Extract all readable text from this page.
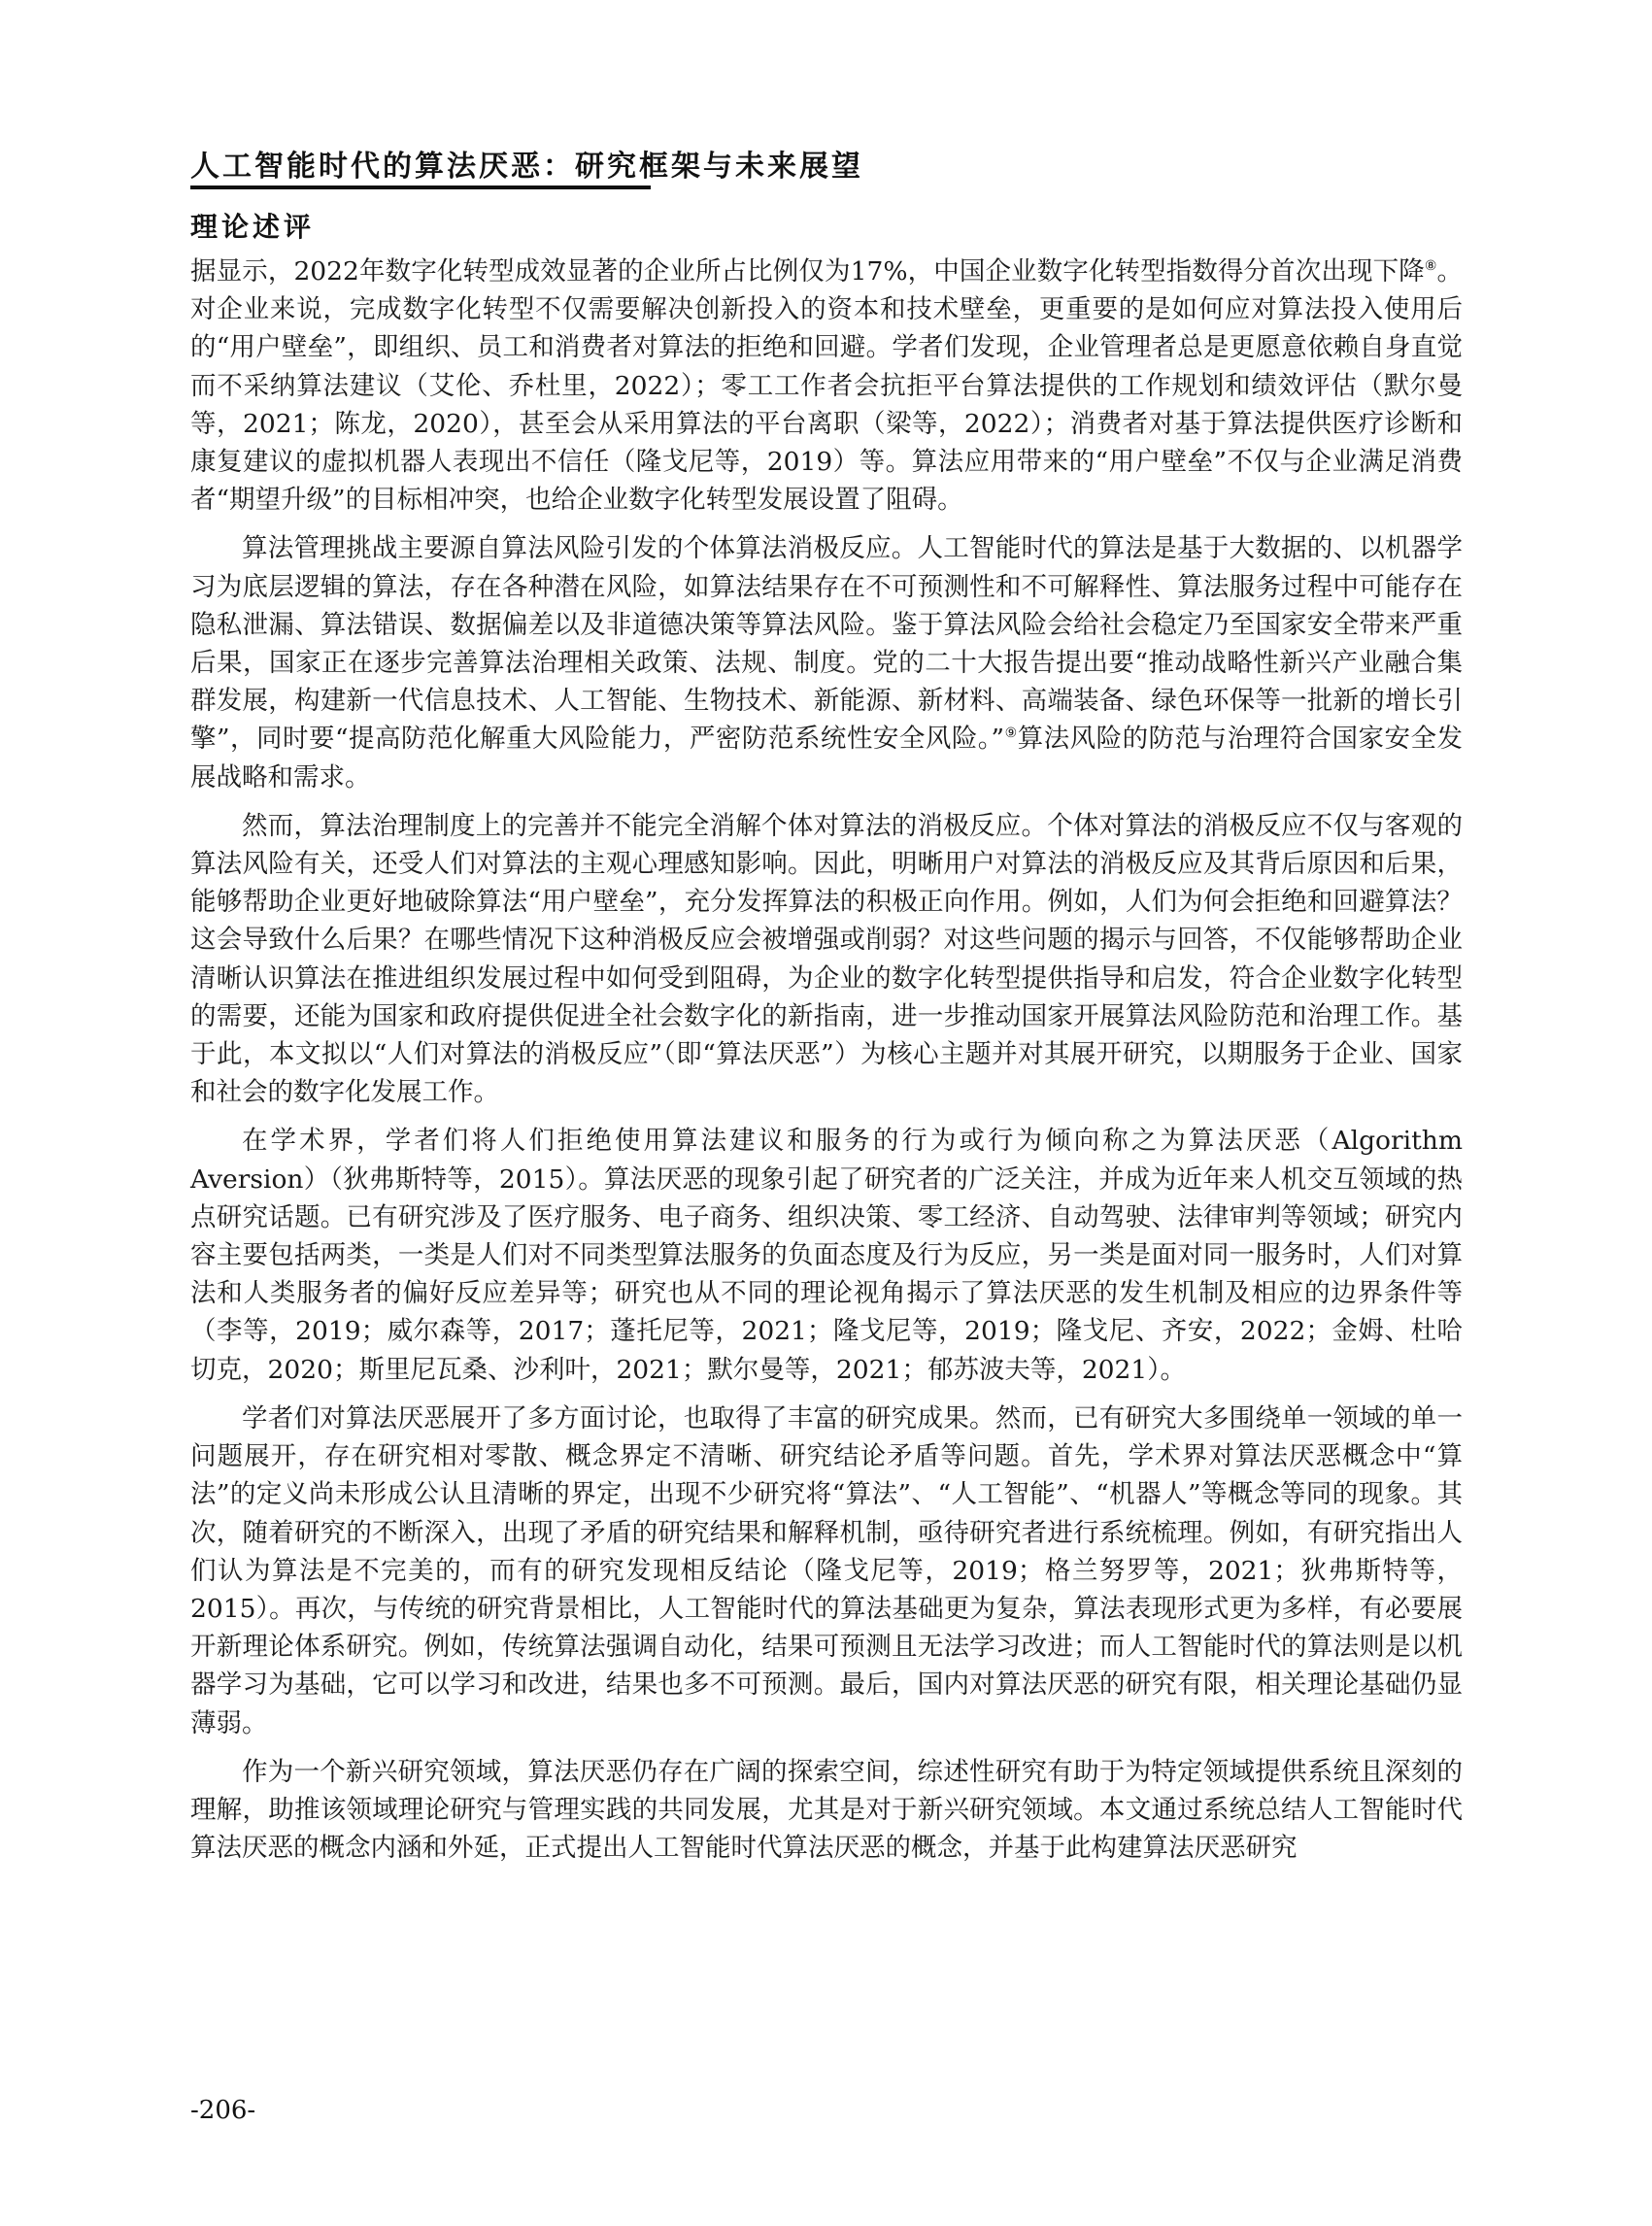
人工智能时代的算法厌恶：研究框架与未来展望
理论述评

据显示，2022年数字化转型成效显著的企业所占比例仅为17%，中国企业数字化转型指数得分首次出现下降⑧。对企业来说，完成数字化转型不仅需要解决创新投入的资本和技术壁垒，更重要的是如何应对算法投入使用后的“用户壁垒”，即组织、员工和消费者对算法的拒绝和回避。学者们发现，企业管理者总是更愿意依赖自身直觉而不采纳算法建议（艾伦、乔杜里，2022）；零工工作者会抗拒平台算法提供的工作规划和绩效评估（默尔曼等，2021；陈龙，2020），甚至会从采用算法的平台离职（梁等，2022）；消费者对基于算法提供医疗诊断和康复建议的虚拟机器人表现出不信任（隆戈尼等，2019）等。算法应用带来的“用户壁垒”不仅与企业满足消费者“期望升级”的目标相冲突，也给企业数字化转型发展设置了阻碍。

算法管理挑战主要源自算法风险引发的个体算法消极反应。人工智能时代的算法是基于大数据的、以机器学习为底层逻辑的算法，存在各种潜在风险，如算法结果存在不可预测性和不可解释性、算法服务过程中可能存在隐私泄漏、算法错误、数据偏差以及非道德决策等算法风险。鉴于算法风险会给社会稳定乃至国家安全带来严重后果，国家正在逐步完善算法治理相关政策、法规、制度。党的二十大报告提出要“推动战略性新兴产业融合集群发展，构建新一代信息技术、人工智能、生物技术、新能源、新材料、高端装备、绿色环保等一批新的增长引擎”，同时要“提高防范化解重大风险能力，严密防范系统性安全风险。”⑨算法风险的防范与治理符合国家安全发展战略和需求。

然而，算法治理制度上的完善并不能完全消解个体对算法的消极反应。个体对算法的消极反应不仅与客观的算法风险有关，还受人们对算法的主观心理感知影响。因此，明晰用户对算法的消极反应及其背后原因和后果，能够帮助企业更好地破除算法“用户壁垒”，充分发挥算法的积极正向作用。例如，人们为何会拒绝和回避算法？这会导致什么后果？在哪些情况下这种消极反应会被增强或削弱？对这些问题的揭示与回答，不仅能够帮助企业清晰认识算法在推进组织发展过程中如何受到阻碍，为企业的数字化转型提供指导和启发，符合企业数字化转型的需要，还能为国家和政府提供促进全社会数字化的新指南，进一步推动国家开展算法风险防范和治理工作。基于此，本文拟以“人们对算法的消极反应”（即“算法厌恶”）为核心主题并对其展开研究，以期服务于企业、国家和社会的数字化发展工作。

在学术界，学者们将人们拒绝使用算法建议和服务的行为或行为倾向称之为算法厌恶（Algorithm Aversion）（狄弗斯特等，2015）。算法厌恶的现象引起了研究者的广泛关注，并成为近年来人机交互领域的热点研究话题。已有研究涉及了医疗服务、电子商务、组织决策、零工经济、自动驾驶、法律审判等领域；研究内容主要包括两类，一类是人们对不同类型算法服务的负面态度及行为反应，另一类是面对同一服务时，人们对算法和人类服务者的偏好反应差异等；研究也从不同的理论视角揭示了算法厌恶的发生机制及相应的边界条件等（李等，2019；威尔森等，2017；蓬托尼等，2021；隆戈尼等，2019；隆戈尼、齐安，2022；金姆、杜哈切克，2020；斯里尼瓦桑、沙利叶，2021；默尔曼等，2021；郁苏波夫等，2021）。

学者们对算法厌恶展开了多方面讨论，也取得了丰富的研究成果。然而，已有研究大多围绕单一领域的单一问题展开，存在研究相对零散、概念界定不清晰、研究结论矛盾等问题。首先，学术界对算法厌恶概念中“算法”的定义尚未形成公认且清晰的界定，出现不少研究将“算法”、“人工智能”、“机器人”等概念等同的现象。其次，随着研究的不断深入，出现了矛盾的研究结果和解释机制，亟待研究者进行系统梳理。例如，有研究指出人们认为算法是不完美的，而有的研究发现相反结论（隆戈尼等，2019；格兰努罗等，2021；狄弗斯特等，2015）。再次，与传统的研究背景相比，人工智能时代的算法基础更为复杂，算法表现形式更为多样，有必要展开新理论体系研究。例如，传统算法强调自动化，结果可预测且无法学习改进；而人工智能时代的算法则是以机器学习为基础，它可以学习和改进，结果也多不可预测。最后，国内对算法厌恶的研究有限，相关理论基础仍显薄弱。

作为一个新兴研究领域，算法厌恶仍存在广阔的探索空间，综述性研究有助于为特定领域提供系统且深刻的理解，助推该领域理论研究与管理实践的共同发展，尤其是对于新兴研究领域。本文通过系统总结人工智能时代算法厌恶的概念内涵和外延，正式提出人工智能时代算法厌恶的概念，并基于此构建算法厌恶研究

-206-
